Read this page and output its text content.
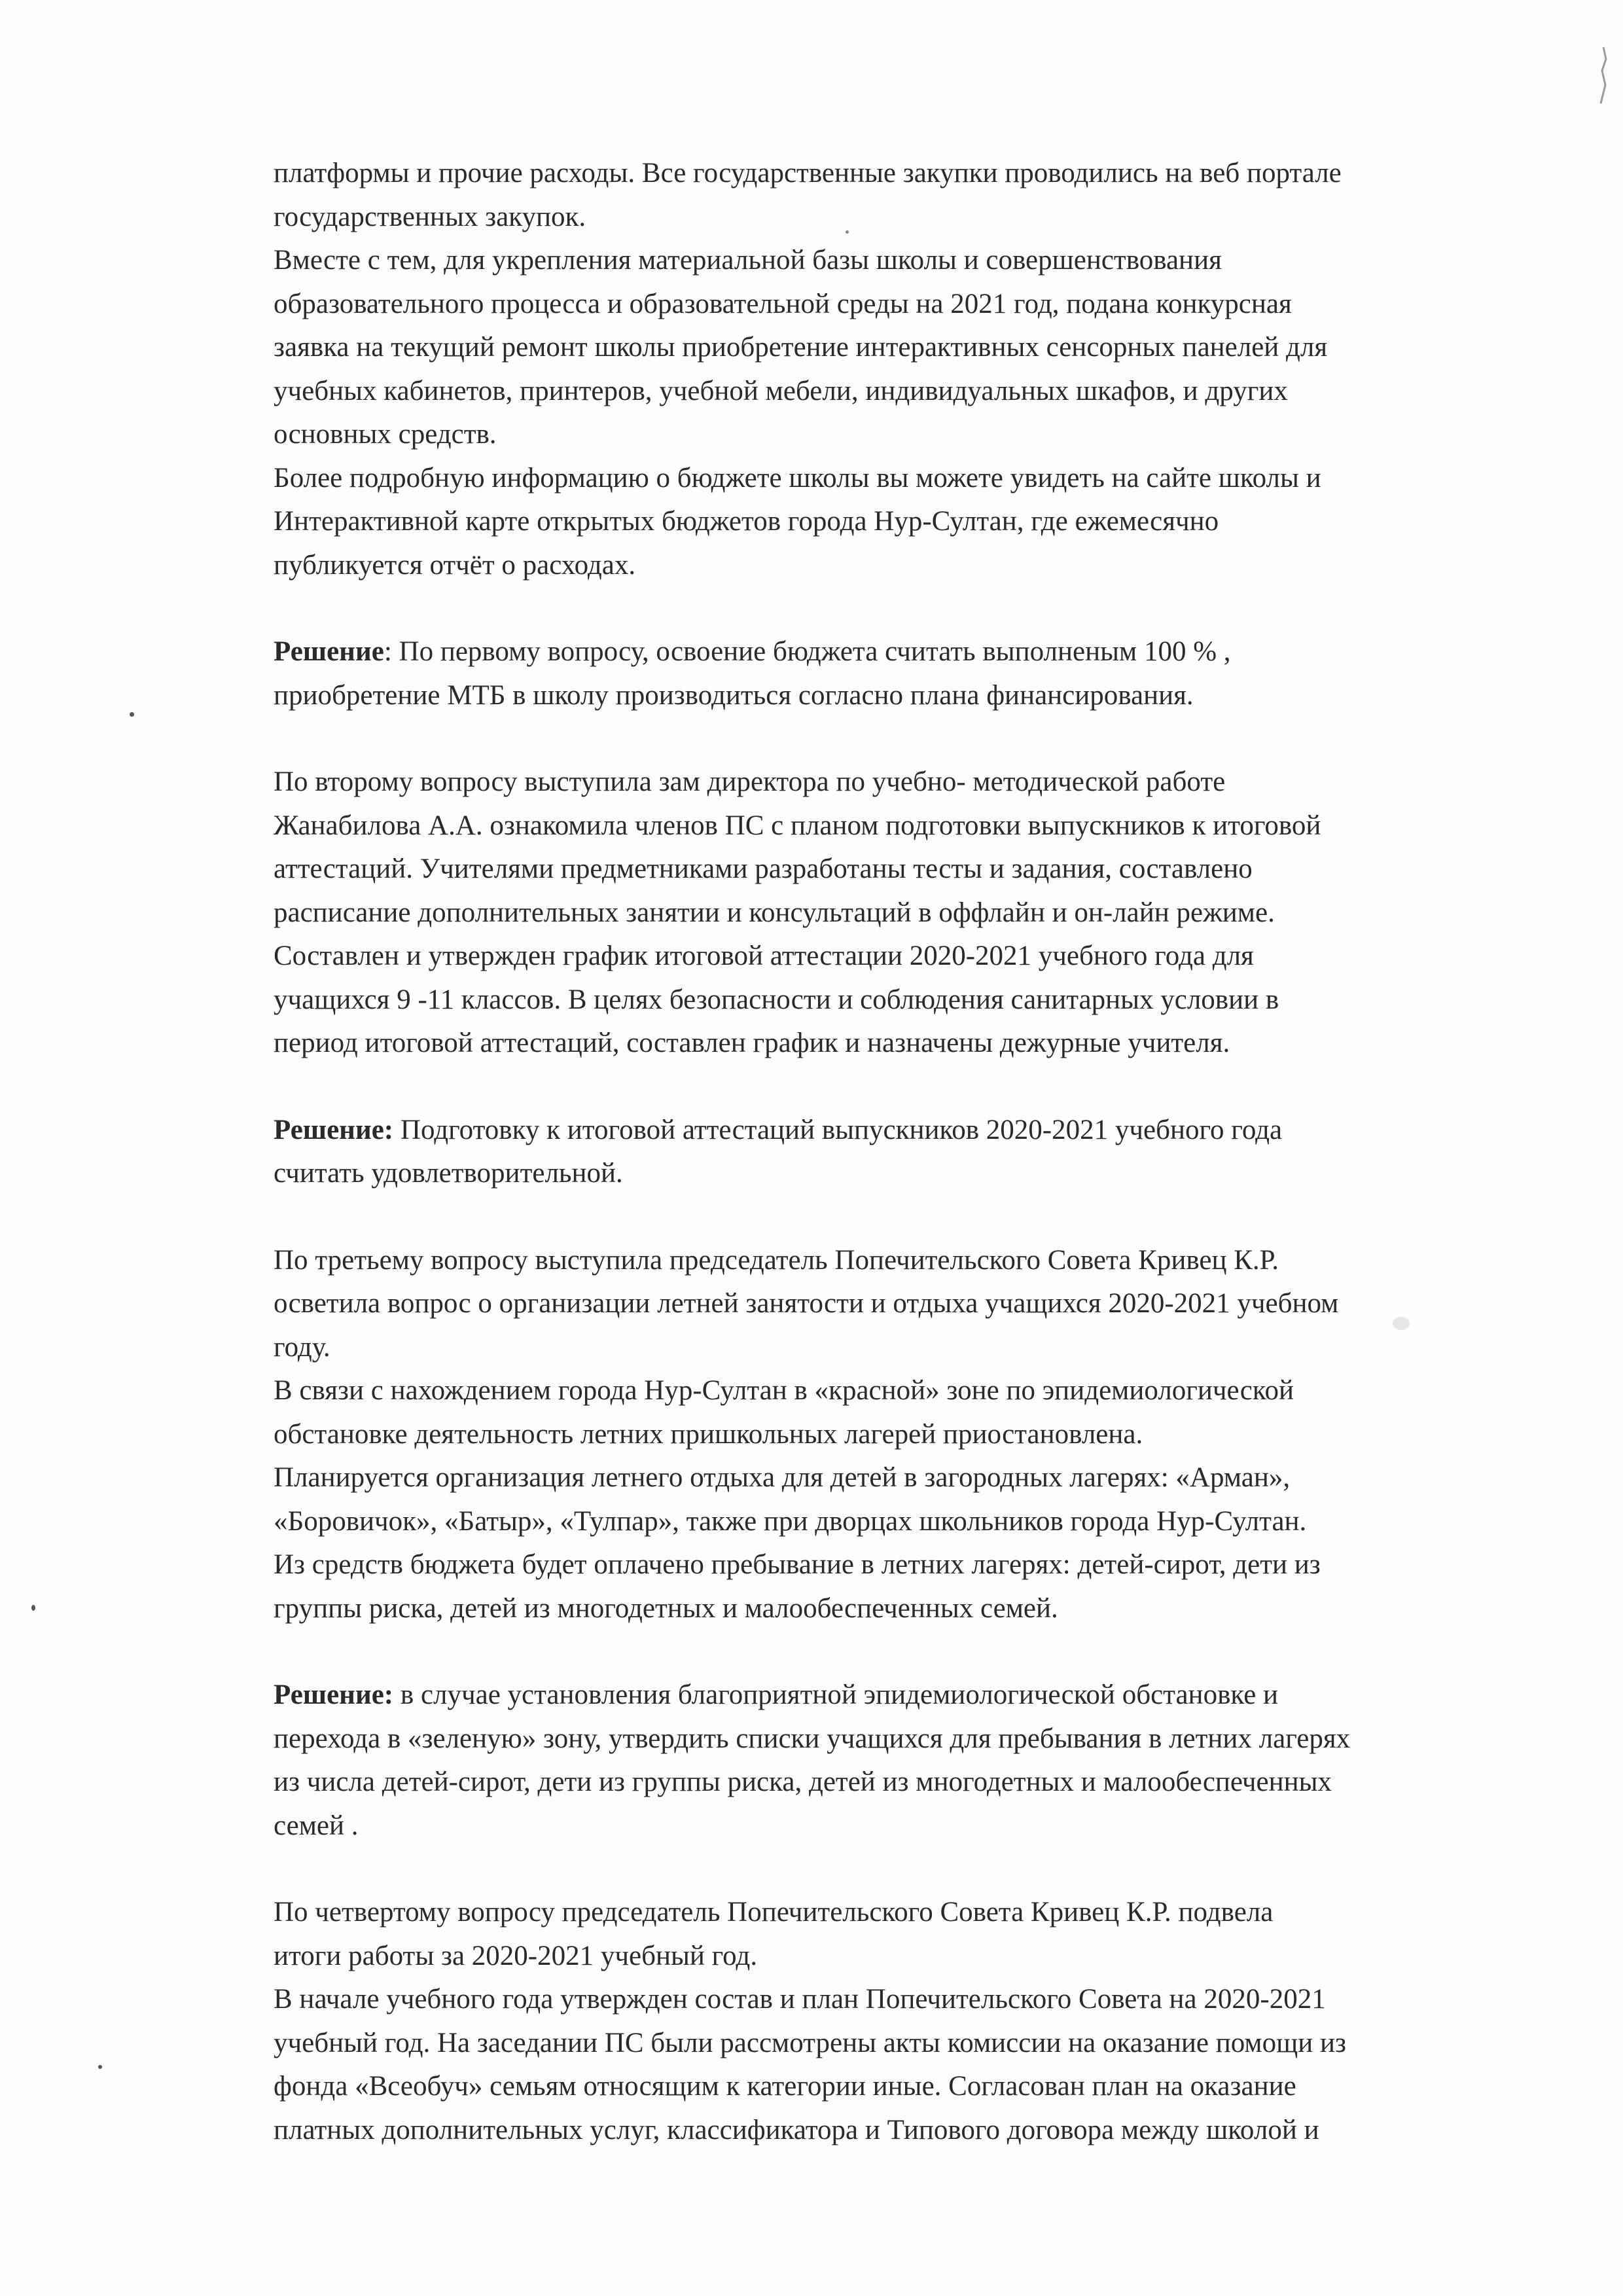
платформы и прочие расходы. Все государственные закупки проводились на веб портале
государственных закупок.
Вместе с тем, для укрепления материальной базы школы и совершенствования
образовательного процесса и образовательной среды на 2021 год, подана конкурсная
заявка на текущий ремонт школы приобретение интерактивных сенсорных панелей для
учебных кабинетов, принтеров, учебной мебели, индивидуальных шкафов, и других
основных средств.
Более подробную информацию о бюджете школы вы можете увидеть на сайте школы и
Интерактивной карте открытых бюджетов города Нур-Султан, где ежемесячно
публикуется отчёт о расходах.
Решение: По первому вопросу, освоение бюджета считать выполненым 100 % ,
приобретение МТБ в школу производиться согласно плана финансирования.
По второму вопросу выступила зам директора по учебно- методической работе
Жанабилова А.А. ознакомила членов ПС с планом подготовки выпускников к итоговой
аттестаций. Учителями предметниками разработаны тесты и задания, составлено
расписание дополнительных занятии и консультаций в оффлайн и он-лайн режиме.
Составлен и утвержден график итоговой аттестации 2020-2021 учебного года для
учащихся 9 -11 классов. В целях безопасности и соблюдения санитарных условии в
период итоговой аттестаций, составлен график и назначены дежурные учителя.
Решение: Подготовку к итоговой аттестаций выпускников 2020-2021 учебного года
считать удовлетворительной.
По третьему вопросу выступила председатель Попечительского Совета Кривец К.Р.
осветила вопрос о организации летней занятости и отдыха учащихся 2020-2021 учебном
году.
В связи с нахождением города Нур-Султан в «красной» зоне по эпидемиологической
обстановке деятельность летних пришкольных лагерей приостановлена.
Планируется организация летнего отдыха для детей в загородных лагерях: «Арман»,
«Боровичок», «Батыр», «Тулпар», также при дворцах школьников города Нур-Султан.
Из средств бюджета будет оплачено пребывание в летних лагерях: детей-сирот, дети из
группы риска, детей из многодетных и малообеспеченных семей.
Решение: в случае установления благоприятной эпидемиологической обстановке и
перехода в «зеленую» зону, утвердить списки учащихся для пребывания в летних лагерях
из числа детей-сирот, дети из группы риска, детей из многодетных и малообеспеченных
семей .
По четвертому вопросу председатель Попечительского Совета Кривец К.Р. подвела
итоги работы за 2020-2021 учебный год.
В начале учебного года утвержден состав и план Попечительского Совета на 2020-2021
учебный год. На заседании ПС были рассмотрены акты комиссии на оказание помощи из
фонда «Всеобуч» семьям относящим к категории иные. Согласован план на оказание
платных дополнительных услуг, классификатора и Типового договора между школой и
